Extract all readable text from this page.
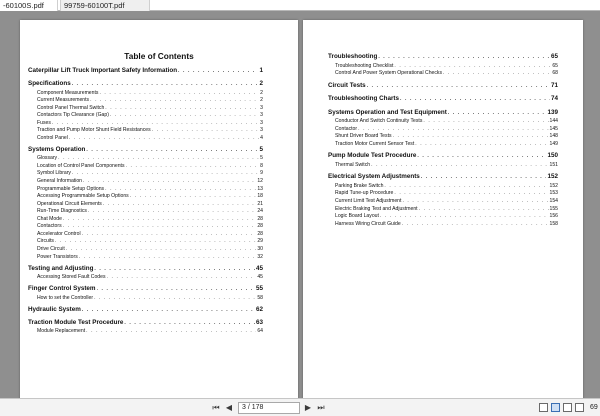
-60100S.pdf	99759-60100T.pdf
Table of Contents
Caterpillar Lift Truck Important Safety Information . . .	1
Specifications . . .	2
Component Measurements . . .	2
Current Measurements . . .	2
Control Panel Thermal Switch . . .	3
Contactors Tip Clearance (Gap) . . .	3
Fuses . . .	3
Traction and Pump Motor Shunt Field Resistances . . .	3
Control Panel . . .	4
Systems Operation . . .	5
Glossary . . .	5
Location of Control Panel Components . . .	8
Symbol Library . . .	9
General Information . . .	12
Programmable Setup Options . . .	13
Accessing Programmable Setup Options . . .	18
Operational Circuit Elements . . .	21
Run-Time Diagnostics . . .	24
Chat Mode . . .	28
Contactors . . .	28
Accelerator Control . . .	28
Circuits . . .	29
Drive Circuit . . .	30
Power Transistors . . .	32
Testing and Adjusting . . .	45
Accessing Stored Fault Codes . . .	45
Finger Control System . . .	55
How to set the Controller . . .	58
Hydraulic System . . .	62
Traction Module Test Procedure . . .	63
Module Replacement . . .	64
Troubleshooting . . .	65
Troubleshooting Checklist . . .	65
Control And Power System Operational Checks . . .	68
Circuit Tests . . .	71
Troubleshooting Charts . . .	74
Systems Operation and Test Equipment . . .	139
Conductor And Switch Continuity Tests . . .	144
Contactor . . .	145
Shunt Driver Board Tests . . .	148
Traction Motor Current Sensor Test . . .	149
Pump Module Test Procedure . . .	150
Thermal Switch . . .	151
Electrical System Adjustments . . .	152
Parking Brake Switch . . .	152
Rapid Tune-up Procedure . . .	153
Current Limit Test Adjustment . . .	154
Electric Braking Test and Adjustment . . .	155
Logic Board Layout . . .	156
Harness Wiring Circuit Guide . . .	158
⏮ ◀	3 / 178	▶ ⏭	69
